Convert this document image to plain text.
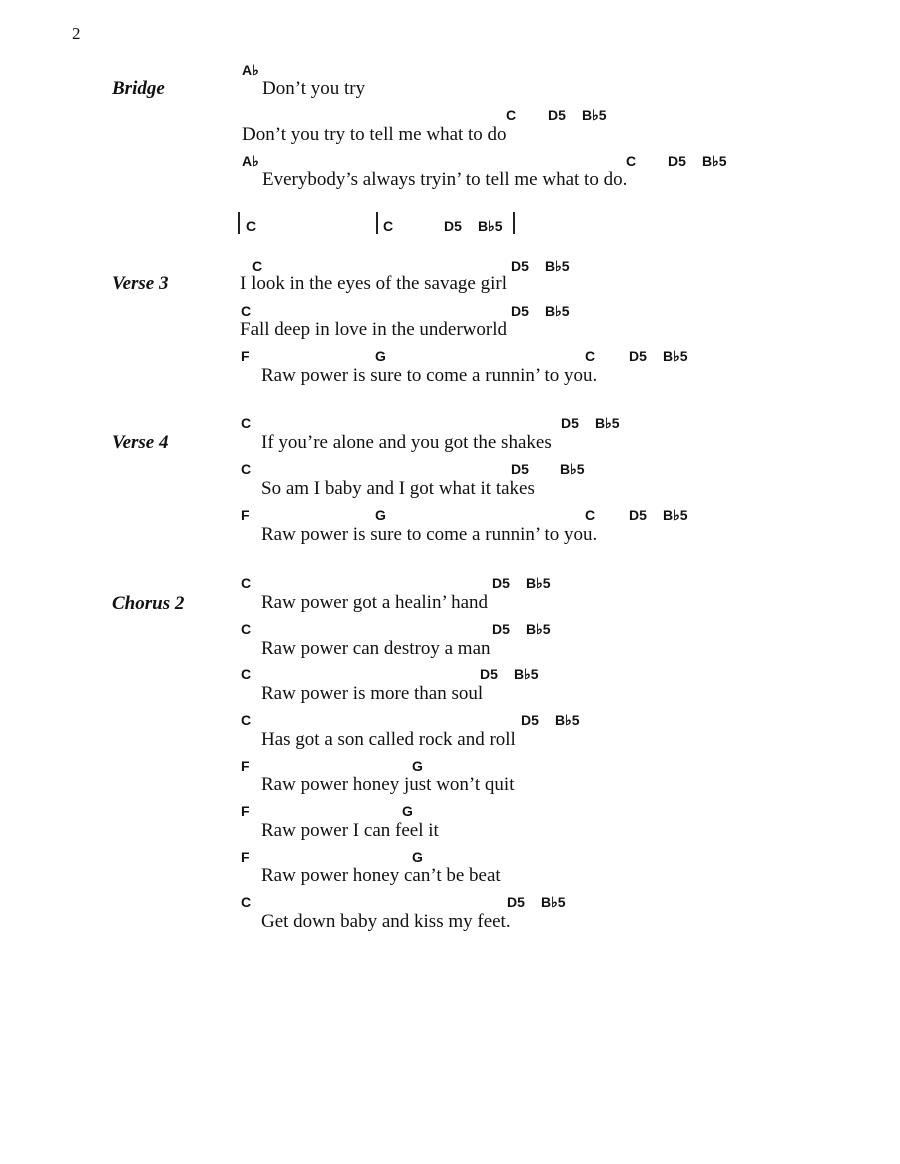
2
Bridge
A♭
Don’t you try
C D5 B♭5
Don’t you try to tell me what to do
A♭	C D5 B♭5
Everybody’s always tryin’ to tell me what to do.
C	C	D5 B♭5
Verse 3
C	D5 B♭5
I look in the eyes of the savage girl
C	D5 B♭5
Fall deep in love in the underworld
F	G	C D5 B♭5
Raw power is sure to come a runnin’ to you.
Verse 4
C	D5 B♭5
If you’re alone and you got the shakes
C	D5 B♭5
So am I baby and I got what it takes
F	G	C D5 B♭5
Raw power is sure to come a runnin’ to you.
Chorus 2
C	D5 B♭5
Raw power got a healin’ hand
C	D5 B♭5
Raw power can destroy a man
C	D5 B♭5
Raw power is more than soul
C	D5 B♭5
Has got a son called rock and roll
F	G
Raw power honey just won’t quit
F	G
Raw power I can feel it
F	G
Raw power honey can’t be beat
C	D5 B♭5
Get down baby and kiss my feet.
